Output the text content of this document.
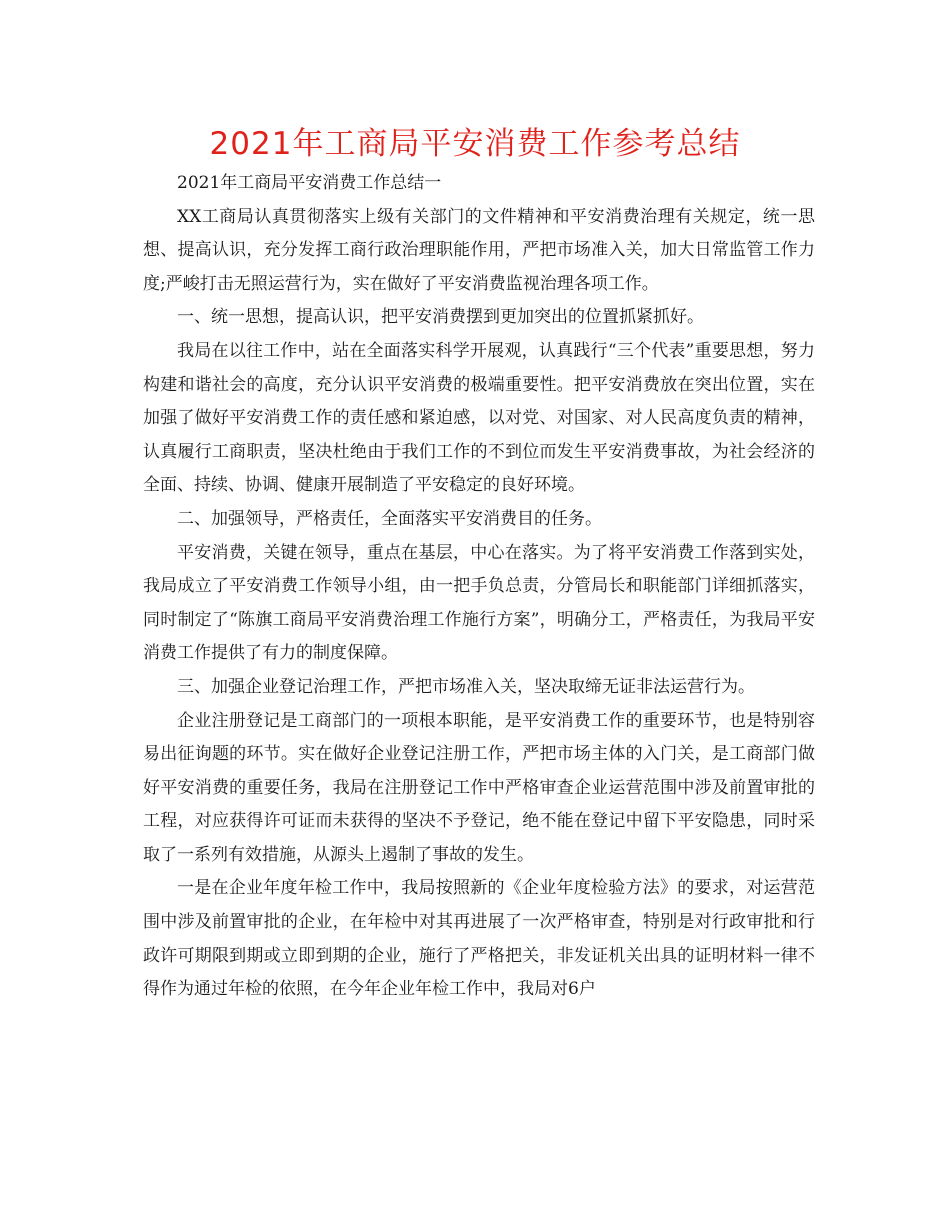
2021年工商局平安消费工作参考总结

2021年工商局平安消费工作总结一

XX工商局认真贯彻落实上级有关部门的文件精神和平安消费治理有关规定，统一思想、提高认识，充分发挥工商行政治理职能作用，严把市场准入关，加大日常监管工作力度;严峻打击无照运营行为，实在做好了平安消费监视治理各项工作。

一、统一思想，提高认识，把平安消费摆到更加突出的位置抓紧抓好。

我局在以往工作中，站在全面落实科学开展观，认真践行“三个代表”重要思想，努力构建和谐社会的高度，充分认识平安消费的极端重要性。把平安消费放在突出位置，实在加强了做好平安消费工作的责任感和紧迫感，以对党、对国家、对人民高度负责的精神，认真履行工商职责，坚决杜绝由于我们工作的不到位而发生平安消费事故，为社会经济的全面、持续、协调、健康开展制造了平安稳定的良好环境。

二、加强领导，严格责任，全面落实平安消费目的任务。

平安消费，关键在领导，重点在基层，中心在落实。为了将平安消费工作落到实处，我局成立了平安消费工作领导小组，由一把手负总责，分管局长和职能部门详细抓落实，同时制定了“陈旗工商局平安消费治理工作施行方案”，明确分工，严格责任，为我局平安消费工作提供了有力的制度保障。

三、加强企业登记治理工作，严把市场准入关，坚决取缔无证非法运营行为。

企业注册登记是工商部门的一项根本职能，是平安消费工作的重要环节，也是特别容易出征询题的环节。实在做好企业登记注册工作，严把市场主体的入门关，是工商部门做好平安消费的重要任务，我局在注册登记工作中严格审查企业运营范围中涉及前置审批的工程，对应获得许可证而未获得的坚决不予登记，绝不能在登记中留下平安隐患，同时采取了一系列有效措施，从源头上遏制了事故的发生。

一是在企业年度年检工作中，我局按照新的《企业年度检验方法》的要求，对运营范围中涉及前置审批的企业，在年检中对其再进展了一次严格审查，特别是对行政审批和行政许可期限到期或立即到期的企业，施行了严格把关，非发证机关出具的证明材料一律不得作为通过年检的依照，在今年企业年检工作中，我局对6户
